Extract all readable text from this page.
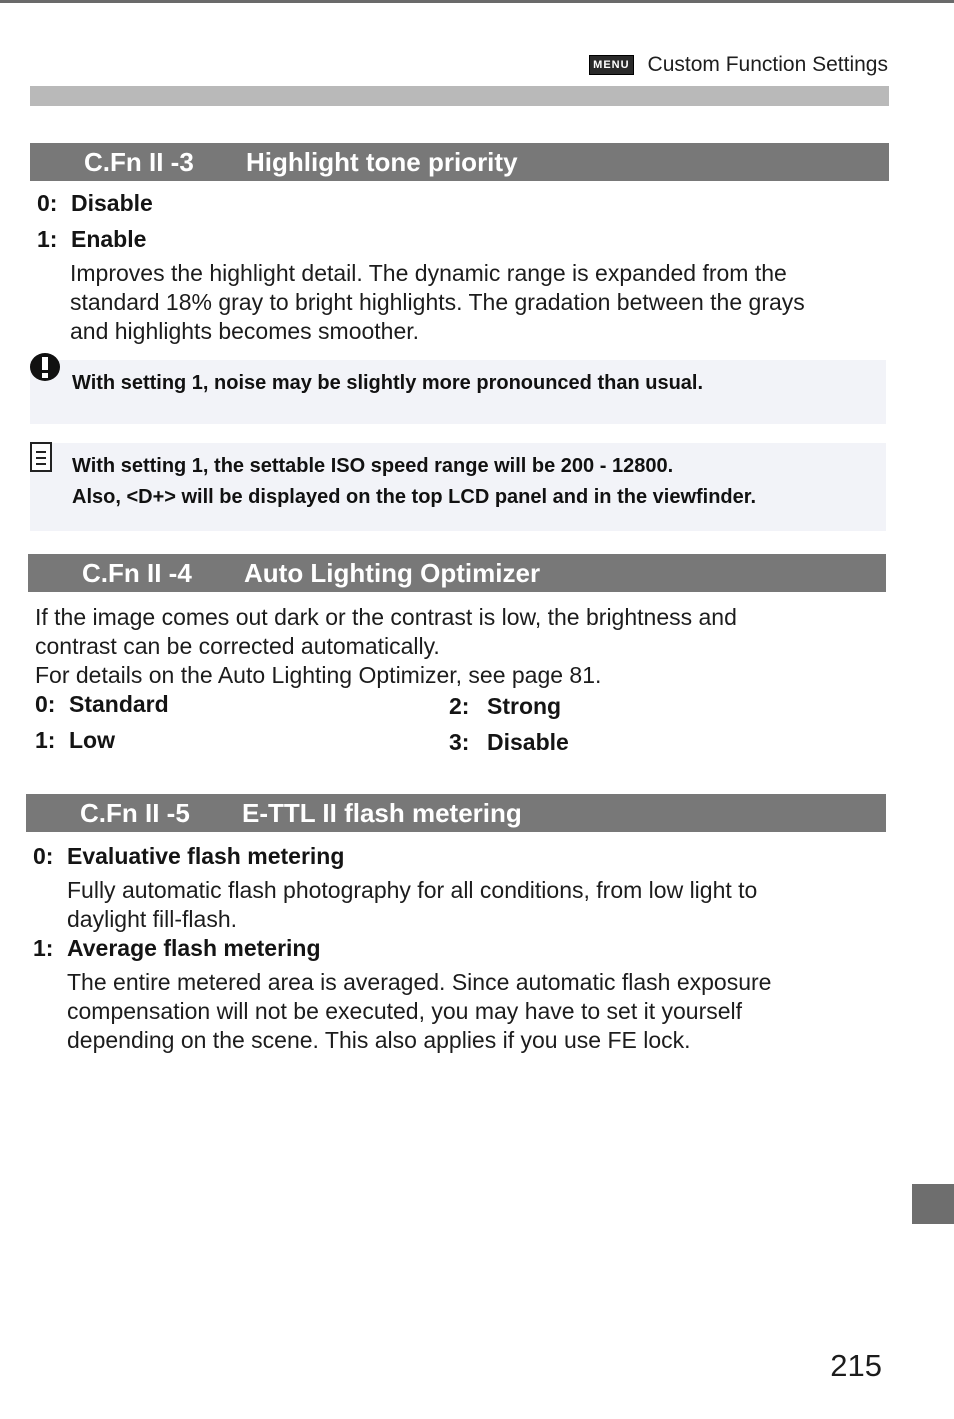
MENU Custom Function Settings
C.Fn II -3	Highlight tone priority
0: Disable
1: Enable
Improves the highlight detail. The dynamic range is expanded from the
standard 18% gray to bright highlights. The gradation between the grays
and highlights becomes smoother.
With setting 1, noise may be slightly more pronounced than usual.
With setting 1, the settable ISO speed range will be 200 - 12800.
Also, <D+> will be displayed on the top LCD panel and in the viewfinder.
C.Fn II -4	Auto Lighting Optimizer
If the image comes out dark or the contrast is low, the brightness and
contrast can be corrected automatically.
For details on the Auto Lighting Optimizer, see page 81.
0: Standard
1: Low
2: Strong
3: Disable
C.Fn II -5	E-TTL II flash metering
0: Evaluative flash metering
Fully automatic flash photography for all conditions, from low light to
daylight fill-flash.
1: Average flash metering
The entire metered area is averaged. Since automatic flash exposure
compensation will not be executed, you may have to set it yourself
depending on the scene. This also applies if you use FE lock.
215
